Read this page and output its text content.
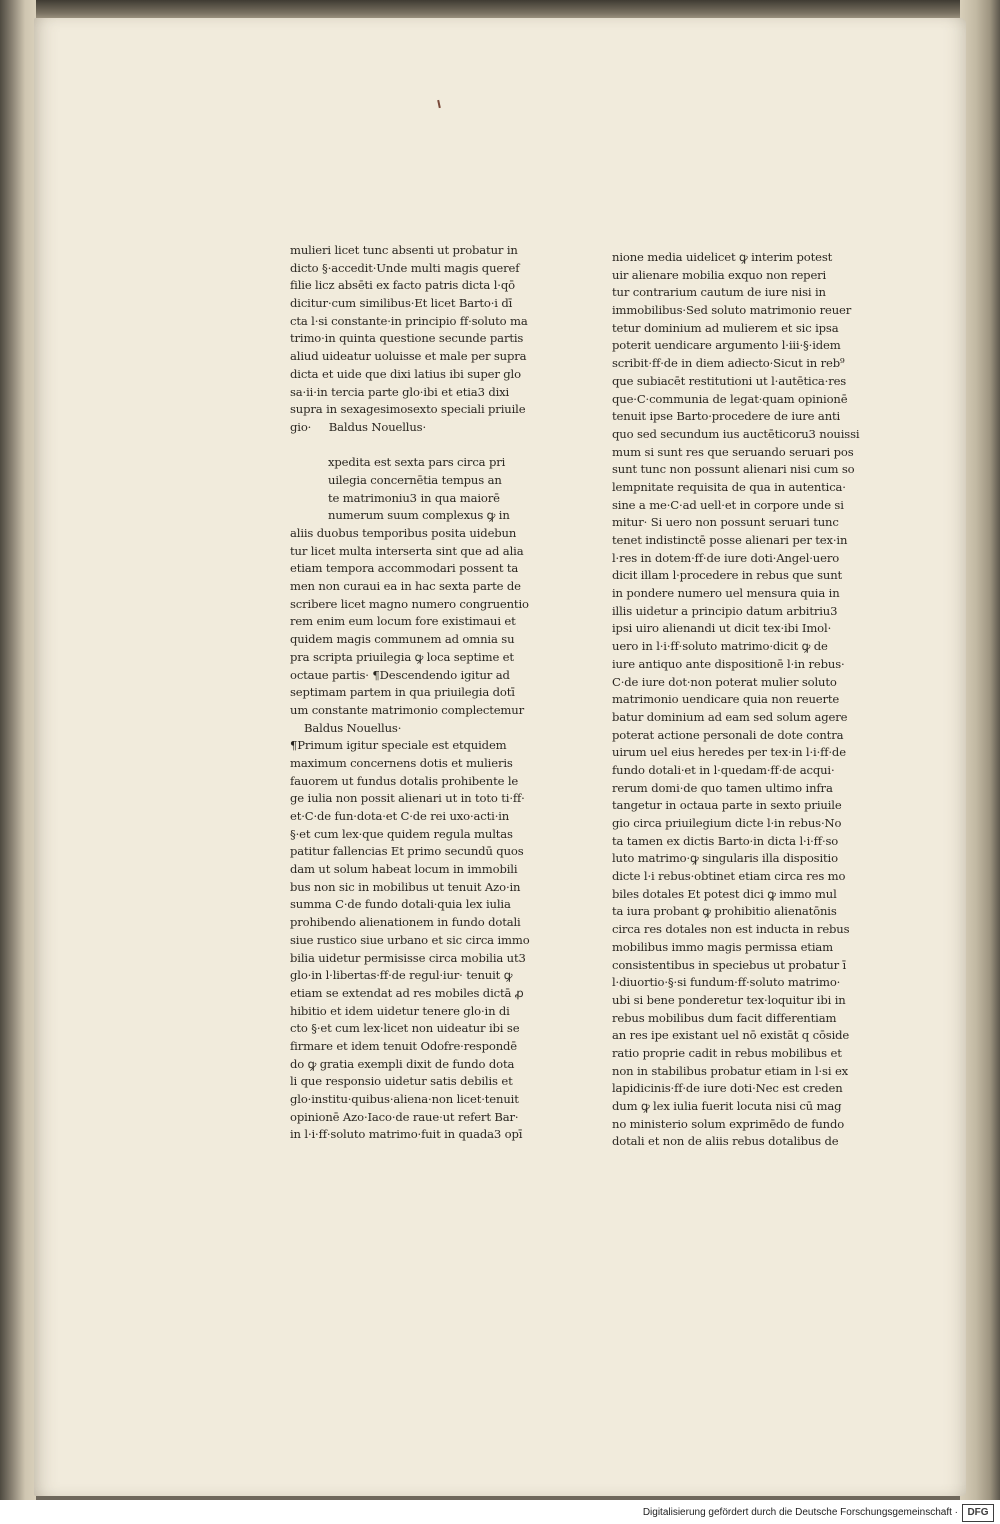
mulieri licet tunc absenti ut probatur in
dicto §·accedit·Unde multi magis queref
filie licz absēti ex facto patris dicta l·qō
dicitur·cum similibus·Et licet Barto·i dī
cta l·si constante·in principio ff·soluto ma
trimo·in quinta questione secunde partis
aliud uideatur uoluisse et male per supra
dicta et uide que dixi latius ibi super glo
sa·ii·in tercia parte glo·ibi et etia3 dixi
supra in sexagesimosexto speciali priuile
gio· Baldus Nouellus·
xpedita est sexta pars circa pri
uilegia concernētia tempus an
te matrimoniu3 in qua maiorē
numerum suum complexus ꝙ in
aliis duobus temporibus posita uidebun
tur licet multa interserta sint que ad alia
etiam tempora accommodari possent ta
men non curaui ea in hac sexta parte de
scribere licet magno numero congruentio
rem enim eum locum fore existimaui et
quidem magis communem ad omnia su
pra scripta priuilegia ꝙ loca septime et
octaue partis· ¶Descendendo igitur ad
septimam partem in qua priuilegia dotī
um constante matrimonio complectemur
Baldus Nouellus·
¶Primum igitur speciale est etquidem
maximum concernens dotis et mulieris
fauorem ut fundus dotalis prohibente le
ge iulia non possit alienari ut in toto ti·ff·
et·C·de fun·dota·et C·de rei uxo·acti·in
§·et cum lex·que quidem regula multas
patitur fallencias Et primo secundū quos
dam ut solum habeat locum in immobili
bus non sic in mobilibus ut tenuit Azo·in
summa C·de fundo dotali·quia lex iulia
prohibendo alienationem in fundo dotali
siue rustico siue urbano et sic circa immo
bilia uidetur permisisse circa mobilia ut3
glo·in l·libertas·ff·de regul·iur· tenuit ꝙ
etiam se extendat ad res mobiles dictā ꝓ
hibitio et idem uidetur tenere glo·in di
cto §·et cum lex·licet non uideatur ibi se
firmare et idem tenuit Odofre·respondē
do ꝙ gratia exempli dixit de fundo dota
li que responsio uidetur satis debilis et
glo·institu·quibus·aliena·non licet·tenuit
opinionē Azo·Iaco·de raue·ut refert Bar·
in l·i·ff·soluto matrimo·fuit in quada3 opī
nione media uidelicet ꝙ interim potest
uir alienare mobilia exquo non reperi
tur contrarium cautum de iure nisi in
immobilibus·Sed soluto matrimonio reuer
tetur dominium ad mulierem et sic ipsa
poterit uendicare argumento l·iii·§·idem
scribit·ff·de in diem adiecto·Sicut in reb⁹
que subiacēt restitutioni ut l·autētica·res
que·C·communia de legat·quam opinionē
tenuit ipse Barto·procedere de iure anti
quo sed secundum ius auctēticoru3 nouissi
mum si sunt res que seruando seruari pos
sunt tunc non possunt alienari nisi cum so
lempnitate requisita de qua in autentica·
sine a me·C·ad uell·et in corpore unde si
mitur· Si uero non possunt seruari tunc
tenet indistinctē posse alienari per tex·in
l·res in dotem·ff·de iure doti·Angel·uero
dicit illam l·procedere in rebus que sunt
in pondere numero uel mensura quia in
illis uidetur a principio datum arbitriu3
ipsi uiro alienandi ut dicit tex·ibi Imol·
uero in l·i·ff·soluto matrimo·dicit ꝙ de
iure antiquo ante dispositionē l·in rebus·
C·de iure dot·non poterat mulier soluto
matrimonio uendicare quia non reuerte
batur dominium ad eam sed solum agere
poterat actione personali de dote contra
uirum uel eius heredes per tex·in l·i·ff·de
fundo dotali·et in l·quedam·ff·de acqui·
rerum domi·de quo tamen ultimo infra
tangetur in octaua parte in sexto priuile
gio circa priuilegium dicte l·in rebus·No
ta tamen ex dictis Barto·in dicta l·i·ff·so
luto matrimo·ꝙ singularis illa dispositio
dicte l·i rebus·obtinet etiam circa res mo
biles dotales Et potest dici ꝙ immo mul
ta iura probant ꝙ prohibitio alienatōnis
circa res dotales non est inducta in rebus
mobilibus immo magis permissa etiam
consistentibus in speciebus ut probatur ī
l·diuortio·§·si fundum·ff·soluto matrimo·
ubi si bene ponderetur tex·loquitur ibi in
rebus mobilibus dum facit differentiam
an res ipe existant uel nō existāt q cōside
ratio proprie cadit in rebus mobilibus et
non in stabilibus probatur etiam in l·si ex
lapidicinis·ff·de iure doti·Nec est creden
dum ꝙ lex iulia fuerit locuta nisi cū mag
no ministerio solum exprimēdo de fundo
dotali et non de aliis rebus dotalibus de
Digitalisierung gefördert durch die Deutsche Forschungsgemeinschaft · DFG
